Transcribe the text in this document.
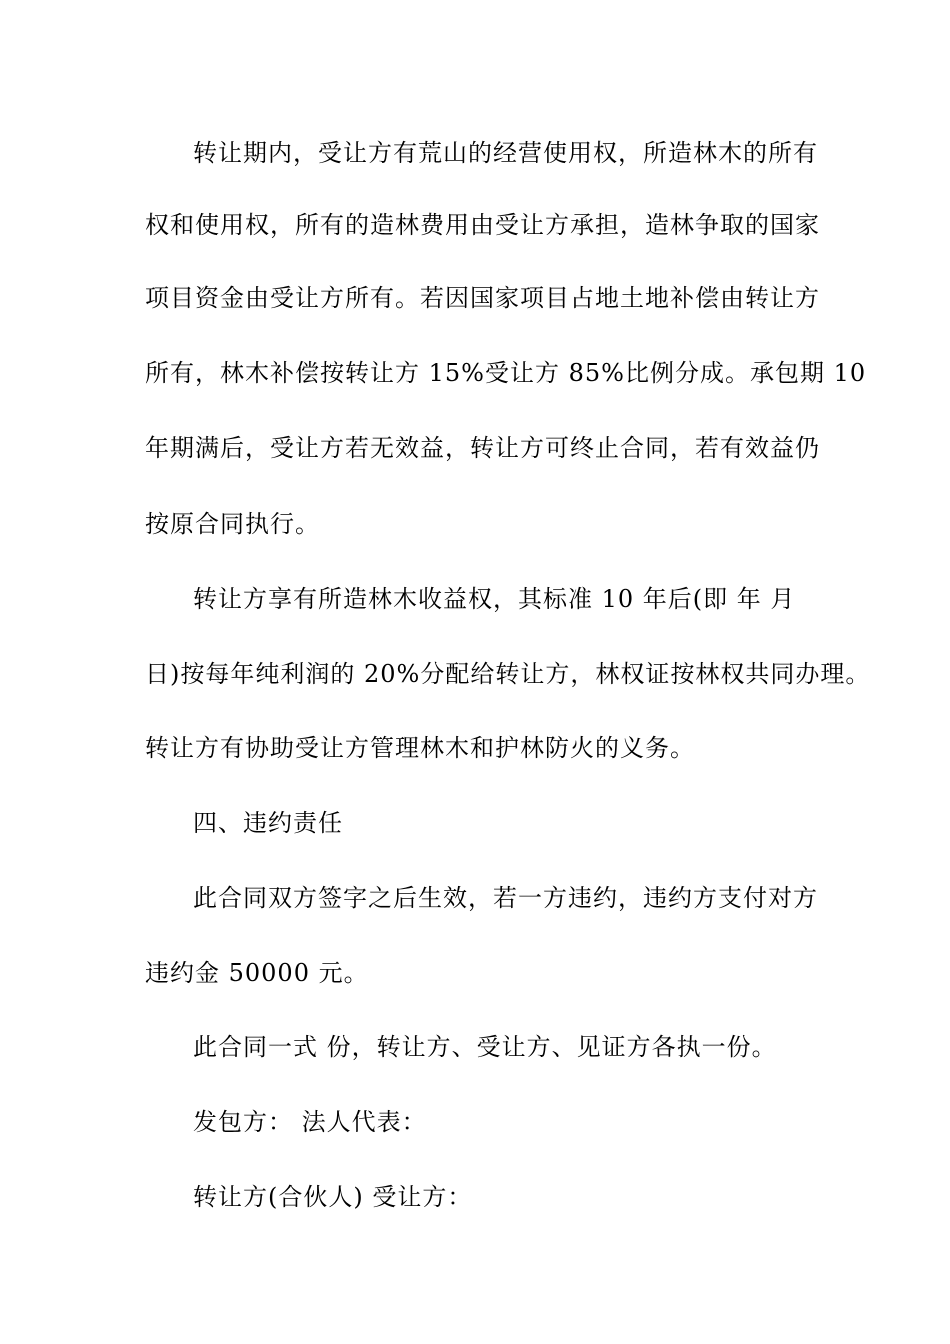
转让期内，受让方有荒山的经营使用权，所造林木的所有

权和使用权，所有的造林费用由受让方承担，造林争取的国家

项目资金由受让方所有。若因国家项目占地土地补偿由转让方

所有，林木补偿按转让方 15%受让方 85%比例分成。承包期 10

年期满后，受让方若无效益，转让方可终止合同，若有效益仍

按原合同执行。

转让方享有所造林木收益权，其标准 10 年后(即 年 月

日)按每年纯利润的 20%分配给转让方，林权证按林权共同办理。

转让方有协助受让方管理林木和护林防火的义务。

四、违约责任

此合同双方签字之后生效，若一方违约，违约方支付对方

违约金 50000 元。

此合同一式 份，转让方、受让方、见证方各执一份。

发包方： 法人代表：

转让方(合伙人) 受让方：
